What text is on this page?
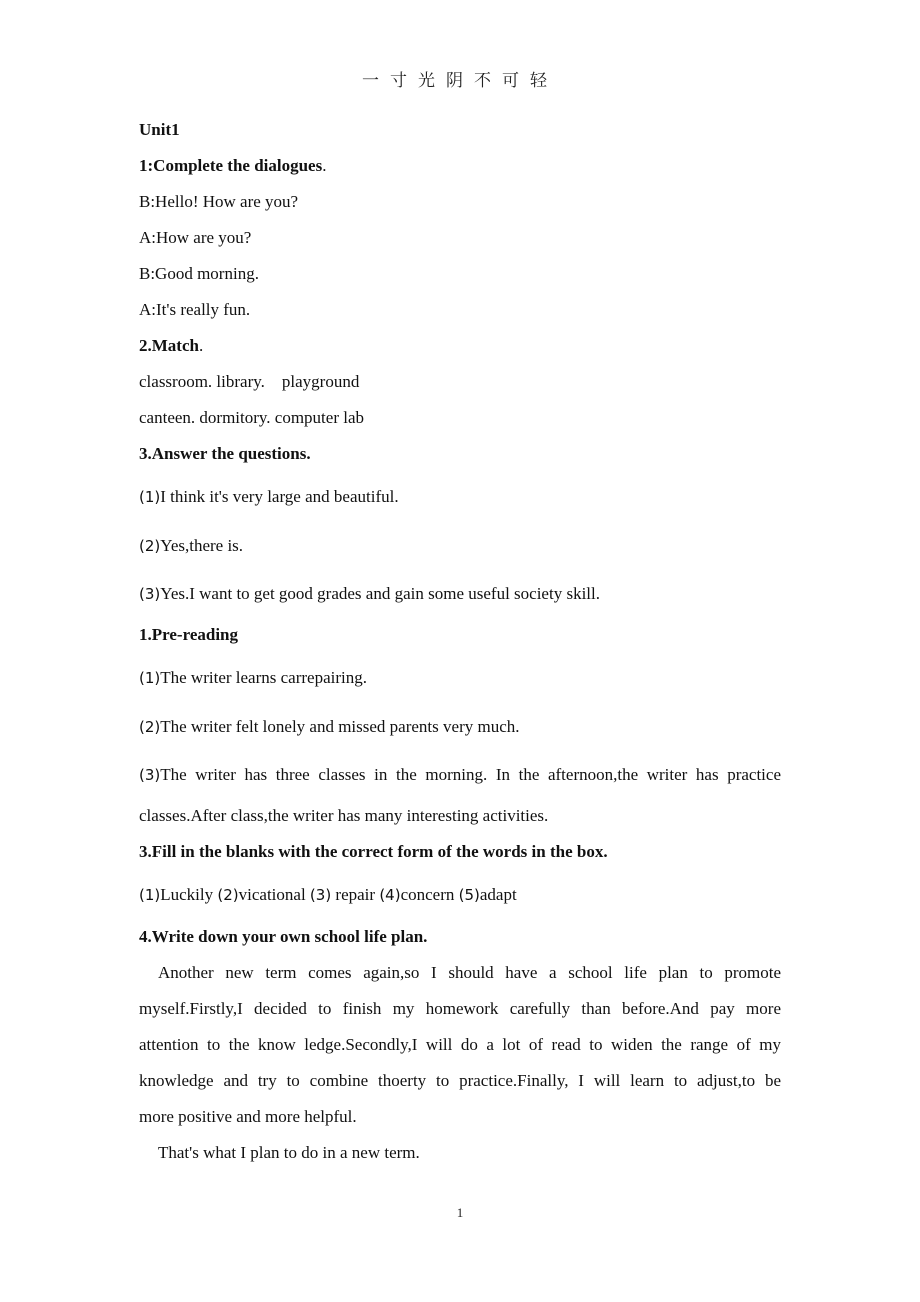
一寸光阴不可轻
Unit1
1:Complete the dialogues.
B:Hello! How are you?
A:How are you?
B:Good morning.
A:It's really fun.
2.Match.
classroom. library.    playground
canteen. dormitory. computer lab
3.Answer the questions.
(1)I think it's very large and beautiful.
(2)Yes,there is.
(3)Yes.I want to get good grades and gain some useful society skill.
1.Pre-reading
(1)The writer learns carrepairing.
(2)The writer felt lonely and missed parents very much.
(3)The writer has three classes in the morning. In the afternoon,the writer has practice
classes.After class,the writer has many interesting activities.
3.Fill in the blanks with the correct form of the words in the box.
(1)Luckily (2)vicational (3) repair (4)concern (5)adapt
4.Write down your own school life plan.
Another new term comes again,so I should have a school life plan to promote
myself.Firstly,I decided to finish my homework carefully than before.And pay more
attention to the know ledge.Secondly,I will do a lot of read to widen the range of my
knowledge and try to combine thoerty to practice.Finally, I will learn to adjust,to be
more positive and more helpful.
That's what I plan to do in a new term.
1
